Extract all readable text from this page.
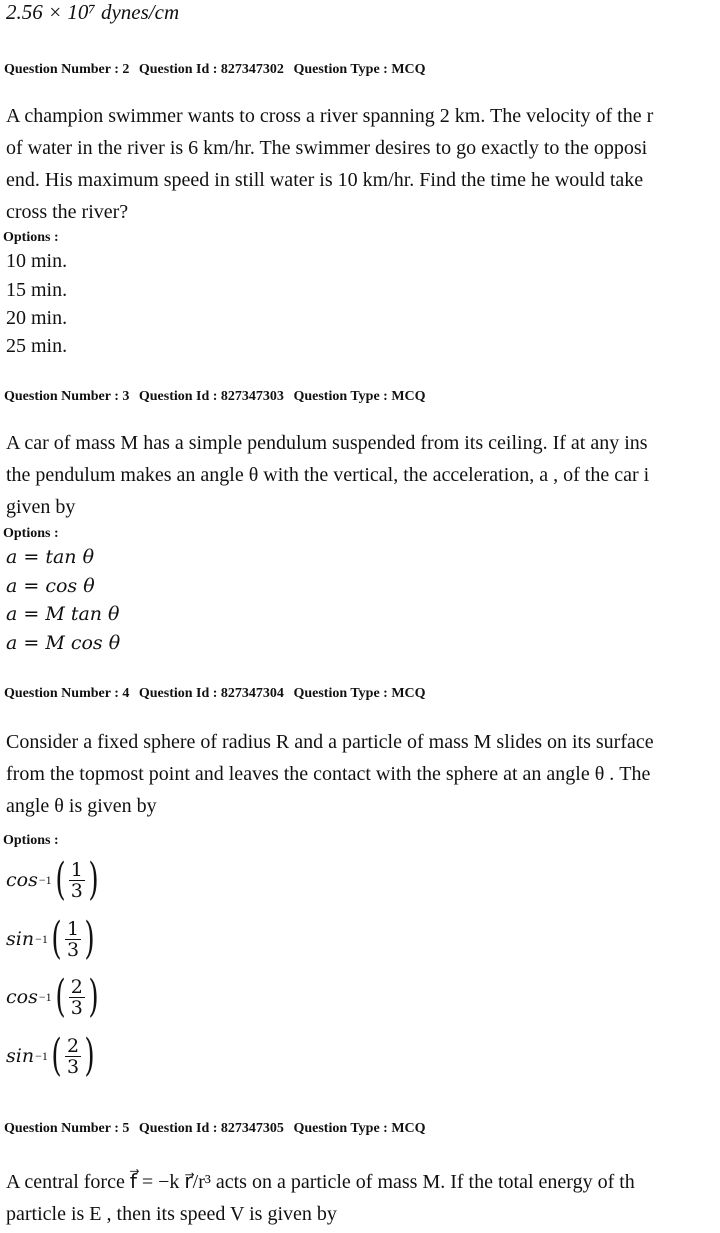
2.56 × 10⁷ dynes/cm
Question Number : 2 Question Id : 827347302 Question Type : MCQ
A champion swimmer wants to cross a river spanning 2 km. The velocity of the r
of water in the river is 6 km/hr. The swimmer desires to go exactly to the opposi
end. His maximum speed in still water is 10 km/hr. Find the time he would take
cross the river?
Options :
10 min.
15 min.
20 min.
25 min.
Question Number : 3 Question Id : 827347303 Question Type : MCQ
A car of mass M has a simple pendulum suspended from its ceiling. If at any ins
the pendulum makes an angle θ with the vertical, the acceleration, a , of the car i
given by
Options :
a = tan θ
a = cos θ
a = M tan θ
a = M cos θ
Question Number : 4 Question Id : 827347304 Question Type : MCQ
Consider a fixed sphere of radius R and a particle of mass M slides on its surface
from the topmost point and leaves the contact with the sphere at an angle θ . The
angle θ is given by
Options :
cos −1 ( $\frac{1}{3}$ )
sin −1 ( $\frac{1}{3}$ )
cos −1 ( $\frac{2}{3}$ )
sin −1 ( $\frac{2}{3}$ )
Question Number : 5 Question Id : 827347305 Question Type : MCQ
A central force f⃗ = −k r⃗/r³ acts on a particle of mass M. If the total energy of th
particle is E , then its speed V is given by
